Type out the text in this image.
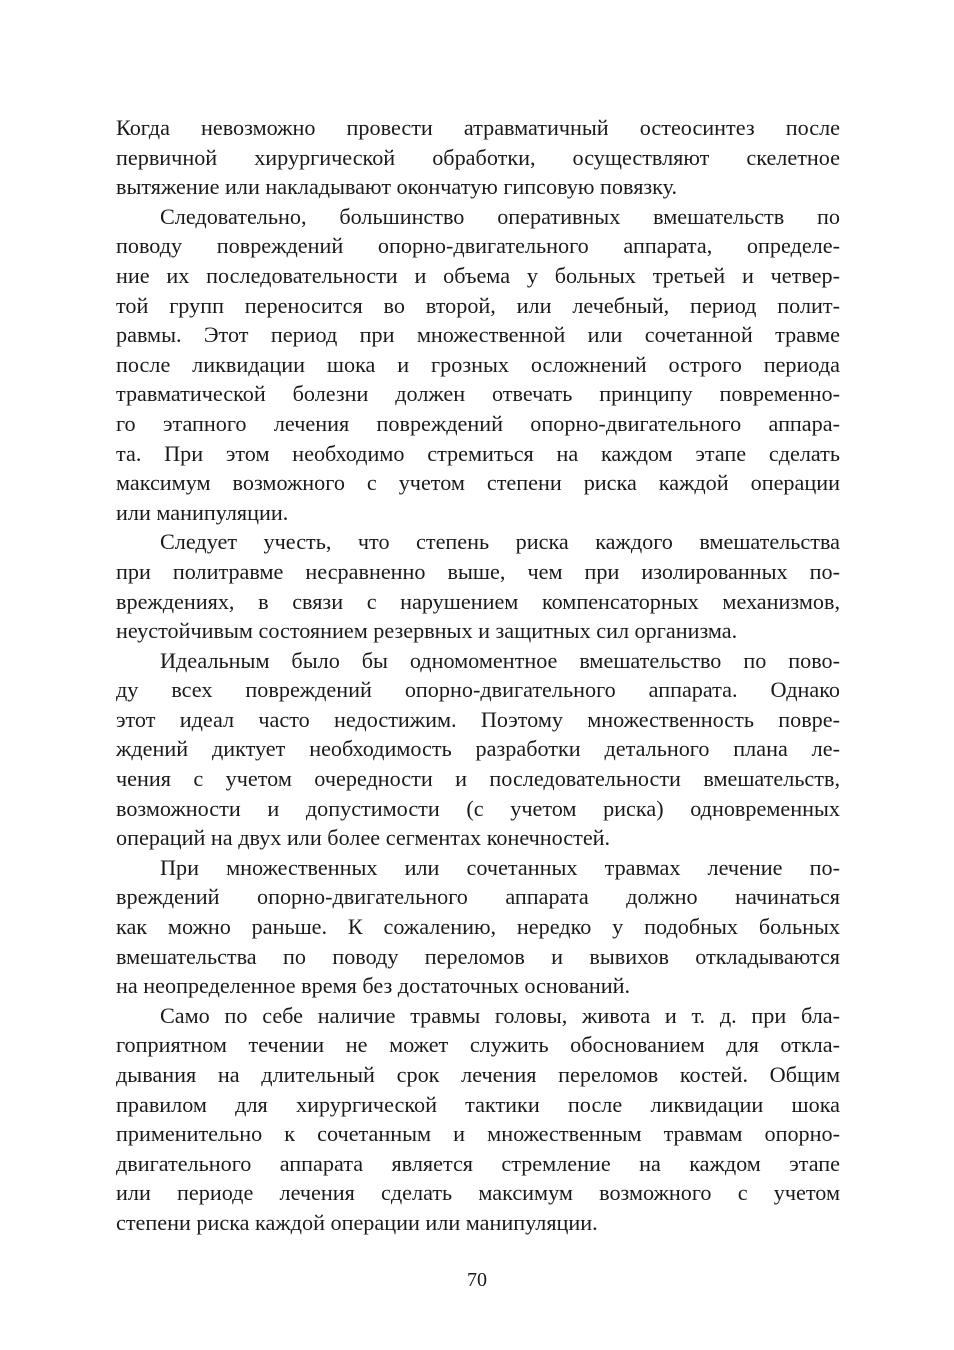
Когда невозможно провести атравматичный остеосинтез после
первичной хирургической обработки, осуществляют скелетное
вытяжение или накладывают окончатую гипсовую повязку.
Следовательно, большинство оперативных вмешательств по
поводу повреждений опорно-двигательного аппарата, определе-
ние их последовательности и объема у больных третьей и четвер-
той групп переносится во второй, или лечебный, период полит-
равмы. Этот период при множественной или сочетанной травме
после ликвидации шока и грозных осложнений острого периода
травматической болезни должен отвечать принципу повременно-
го этапного лечения повреждений опорно-двигательного аппара-
та. При этом необходимо стремиться на каждом этапе сделать
максимум возможного с учетом степени риска каждой операции
или манипуляции.
Следует учесть, что степень риска каждого вмешательства
при политравме несравненно выше, чем при изолированных по-
вреждениях, в связи с нарушением компенсаторных механизмов,
неустойчивым состоянием резервных и защитных сил организма.
Идеальным было бы одномоментное вмешательство по пово-
ду всех повреждений опорно-двигательного аппарата. Однако
этот идеал часто недостижим. Поэтому множественность повре-
ждений диктует необходимость разработки детального плана ле-
чения с учетом очередности и последовательности вмешательств,
возможности и допустимости (с учетом риска) одновременных
операций на двух или более сегментах конечностей.
При множественных или сочетанных травмах лечение по-
вреждений опорно-двигательного аппарата должно начинаться
как можно раньше. К сожалению, нередко у подобных больных
вмешательства по поводу переломов и вывихов откладываются
на неопределенное время без достаточных оснований.
Само по себе наличие травмы головы, живота и т. д. при бла-
гоприятном течении не может служить обоснованием для откла-
дывания на длительный срок лечения переломов костей. Общим
правилом для хирургической тактики после ликвидации шока
применительно к сочетанным и множественным травмам опорно-
двигательного аппарата является стремление на каждом этапе
или периоде лечения сделать максимум возможного с учетом
степени риска каждой операции или манипуляции.
70
